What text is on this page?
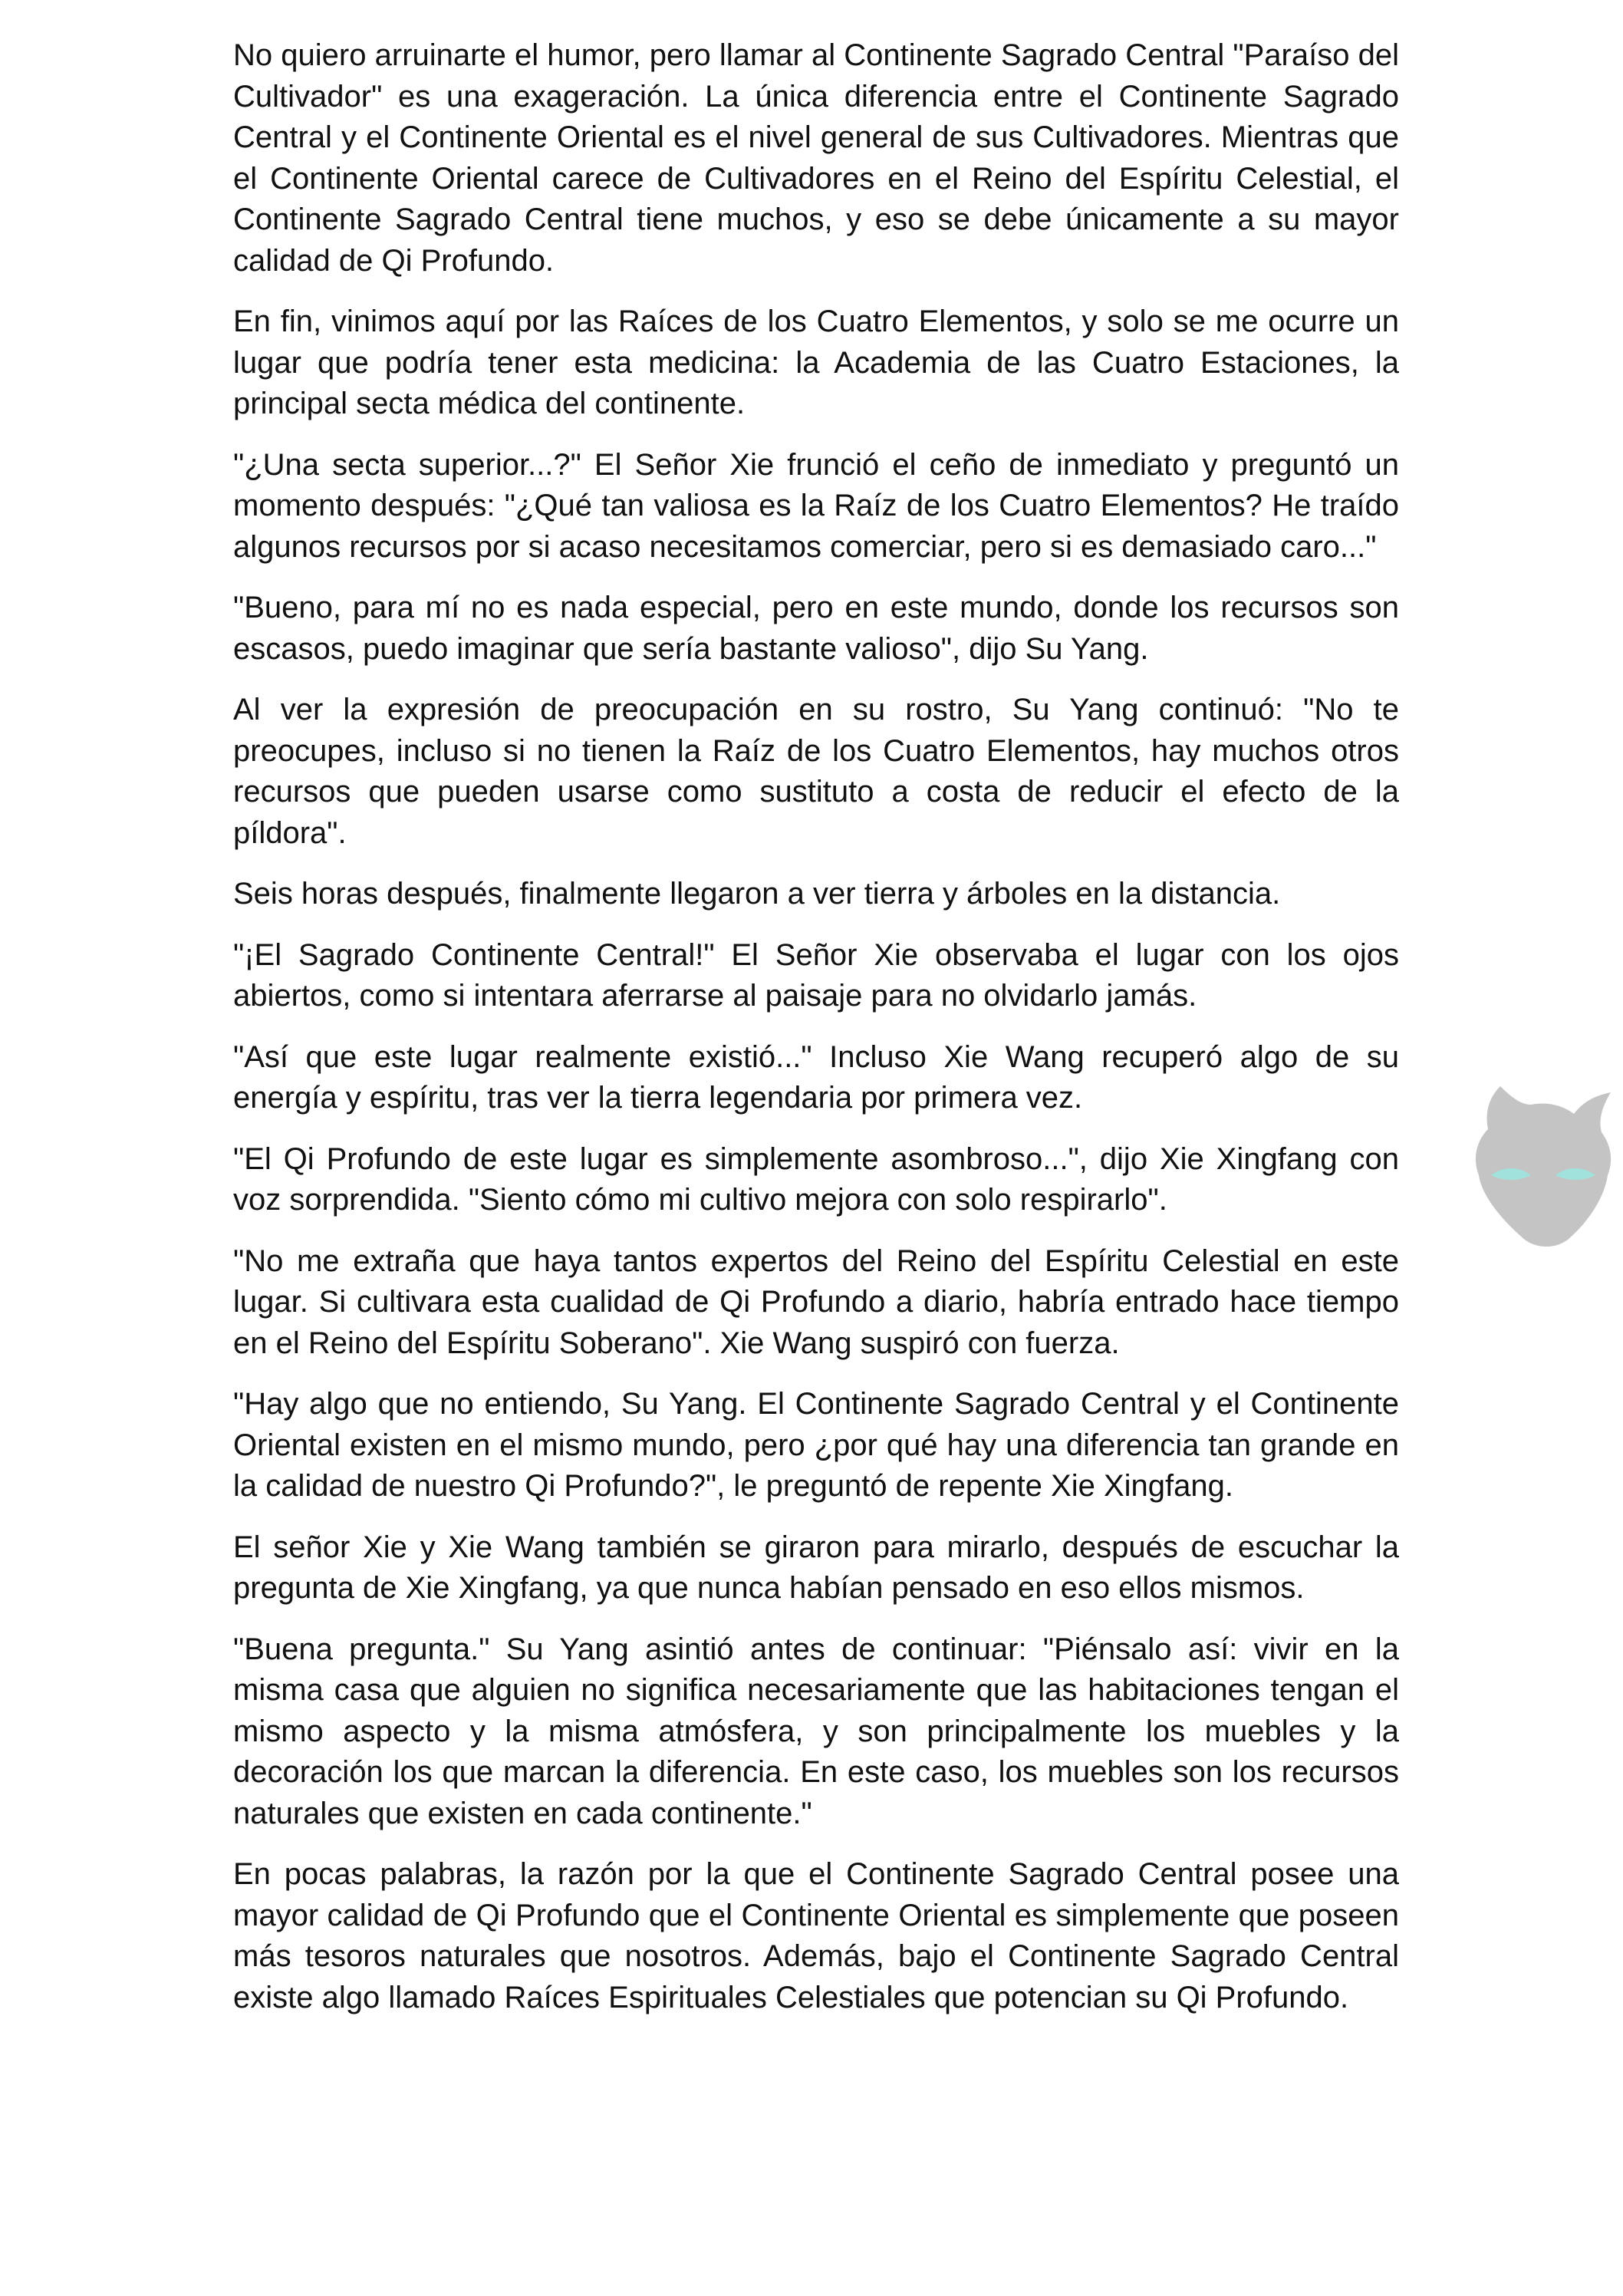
No quiero arruinarte el humor, pero llamar al Continente Sagrado Central "Paraíso del Cultivador" es una exageración. La única diferencia entre el Continente Sagrado Central y el Continente Oriental es el nivel general de sus Cultivadores. Mientras que el Continente Oriental carece de Cultivadores en el Reino del Espíritu Celestial, el Continente Sagrado Central tiene muchos, y eso se debe únicamente a su mayor calidad de Qi Profundo.

En fin, vinimos aquí por las Raíces de los Cuatro Elementos, y solo se me ocurre un lugar que podría tener esta medicina: la Academia de las Cuatro Estaciones, la principal secta médica del continente.

"¿Una secta superior...?" El Señor Xie frunció el ceño de inmediato y preguntó un momento después: "¿Qué tan valiosa es la Raíz de los Cuatro Elementos? He traído algunos recursos por si acaso necesitamos comerciar, pero si es demasiado caro..."

"Bueno, para mí no es nada especial, pero en este mundo, donde los recursos son escasos, puedo imaginar que sería bastante valioso", dijo Su Yang.

Al ver la expresión de preocupación en su rostro, Su Yang continuó: "No te preocupes, incluso si no tienen la Raíz de los Cuatro Elementos, hay muchos otros recursos que pueden usarse como sustituto a costa de reducir el efecto de la píldora".

Seis horas después, finalmente llegaron a ver tierra y árboles en la distancia.

"¡El Sagrado Continente Central!" El Señor Xie observaba el lugar con los ojos abiertos, como si intentara aferrarse al paisaje para no olvidarlo jamás.

"Así que este lugar realmente existió..." Incluso Xie Wang recuperó algo de su energía y espíritu, tras ver la tierra legendaria por primera vez.

"El Qi Profundo de este lugar es simplemente asombroso...", dijo Xie Xingfang con voz sorprendida. "Siento cómo mi cultivo mejora con solo respirarlo".

"No me extraña que haya tantos expertos del Reino del Espíritu Celestial en este lugar. Si cultivara esta cualidad de Qi Profundo a diario, habría entrado hace tiempo en el Reino del Espíritu Soberano". Xie Wang suspiró con fuerza.

"Hay algo que no entiendo, Su Yang. El Continente Sagrado Central y el Continente Oriental existen en el mismo mundo, pero ¿por qué hay una diferencia tan grande en la calidad de nuestro Qi Profundo?", le preguntó de repente Xie Xingfang.

El señor Xie y Xie Wang también se giraron para mirarlo, después de escuchar la pregunta de Xie Xingfang, ya que nunca habían pensado en eso ellos mismos.

"Buena pregunta." Su Yang asintió antes de continuar: "Piénsalo así: vivir en la misma casa que alguien no significa necesariamente que las habitaciones tengan el mismo aspecto y la misma atmósfera, y son principalmente los muebles y la decoración los que marcan la diferencia. En este caso, los muebles son los recursos naturales que existen en cada continente."

En pocas palabras, la razón por la que el Continente Sagrado Central posee una mayor calidad de Qi Profundo que el Continente Oriental es simplemente que poseen más tesoros naturales que nosotros. Además, bajo el Continente Sagrado Central existe algo llamado Raíces Espirituales Celestiales que potencian su Qi Profundo.
